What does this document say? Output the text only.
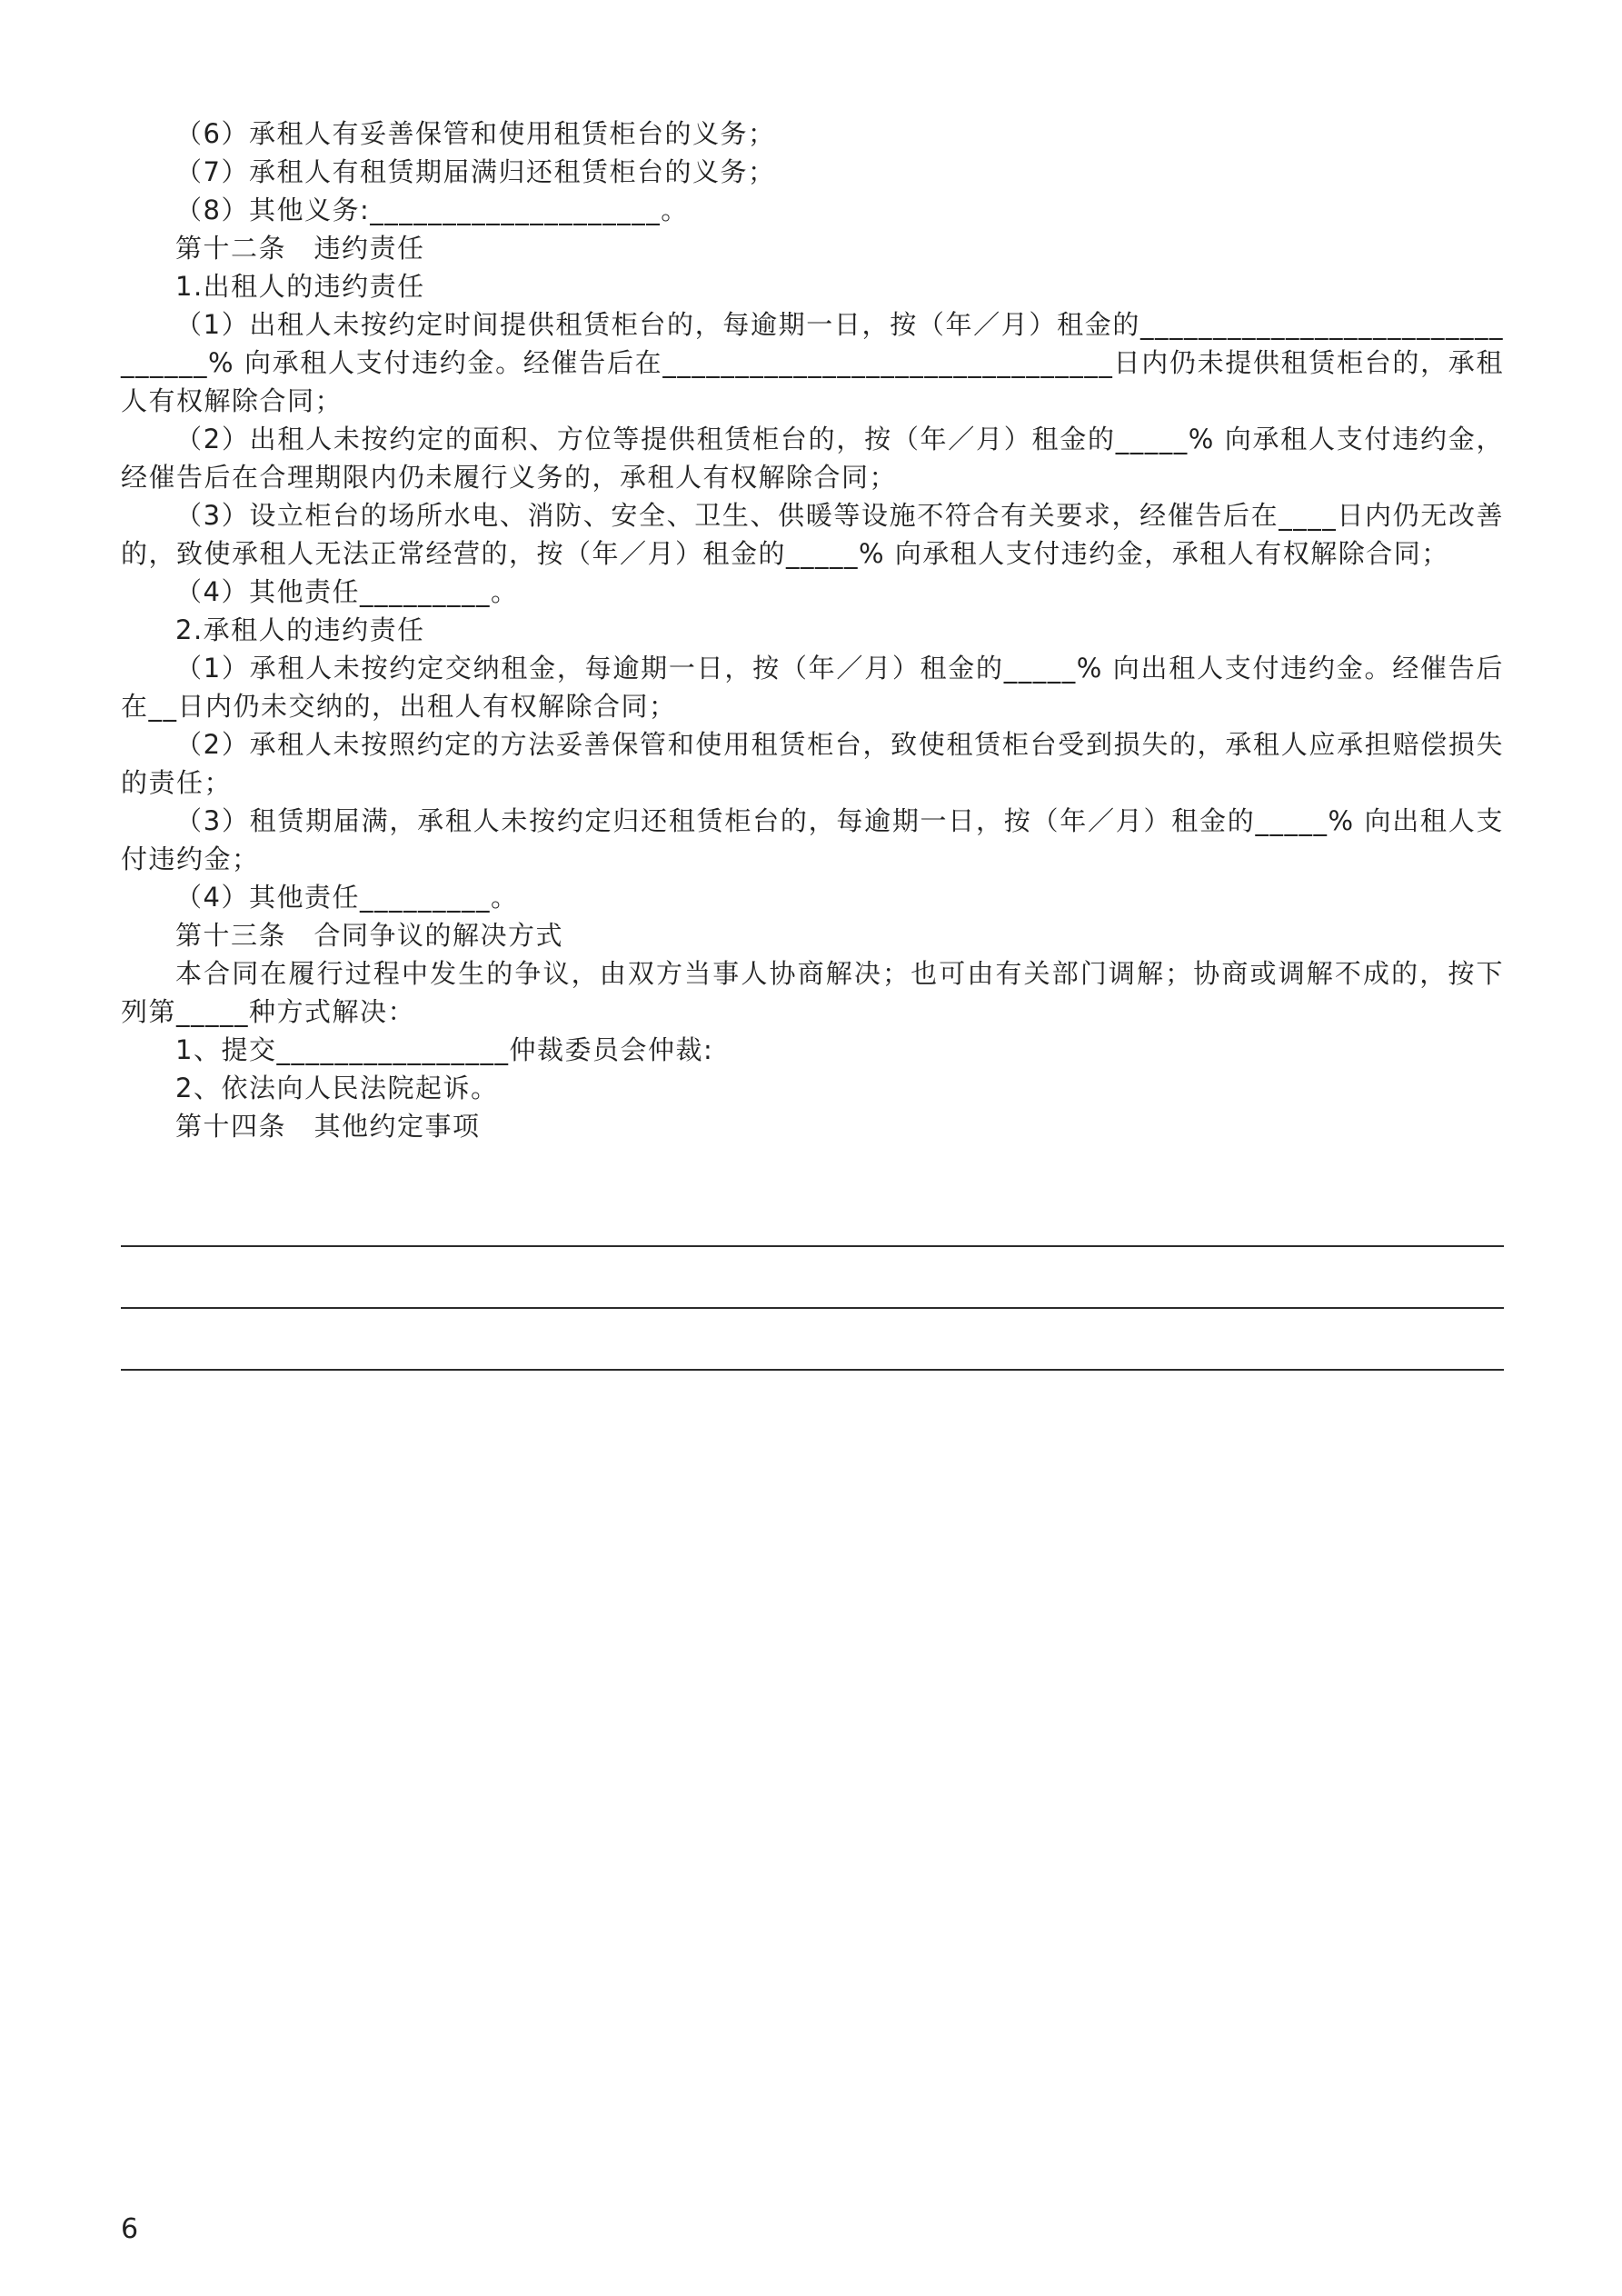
（6）承租人有妥善保管和使用租赁柜台的义务；

（7）承租人有租赁期届满归还租赁柜台的义务；

（8）其他义务:____________________。

第十二条　违约责任

1.出租人的违约责任

（1）出租人未按约定时间提供租赁柜台的，每逾期一日，按（年／月）租金的_______________________________% 向承租人支付违约金。经催告后在_______________________________日内仍未提供租赁柜台的，承租人有权解除合同；

（2）出租人未按约定的面积、方位等提供租赁柜台的，按（年／月）租金的_____% 向承租人支付违约金，经催告后在合理期限内仍未履行义务的，承租人有权解除合同；

（3）设立柜台的场所水电、消防、安全、卫生、供暖等设施不符合有关要求，经催告后在____日内仍无改善的，致使承租人无法正常经营的，按（年／月）租金的_____% 向承租人支付违约金，承租人有权解除合同；

（4）其他责任_________。

2.承租人的违约责任

（1）承租人未按约定交纳租金，每逾期一日，按（年／月）租金的_____% 向出租人支付违约金。经催告后在__日内仍未交纳的，出租人有权解除合同；

（2）承租人未按照约定的方法妥善保管和使用租赁柜台，致使租赁柜台受到损失的，承租人应承担赔偿损失的责任；

（3）租赁期届满，承租人未按约定归还租赁柜台的，每逾期一日，按（年／月）租金的_____% 向出租人支付违约金；

（4）其他责任_________。

第十三条　合同争议的解决方式

本合同在履行过程中发生的争议，由双方当事人协商解决；也可由有关部门调解；协商或调解不成的，按下列第_____种方式解决：

1、提交________________仲裁委员会仲裁:

2、依法向人民法院起诉。

第十四条　其他约定事项

6
